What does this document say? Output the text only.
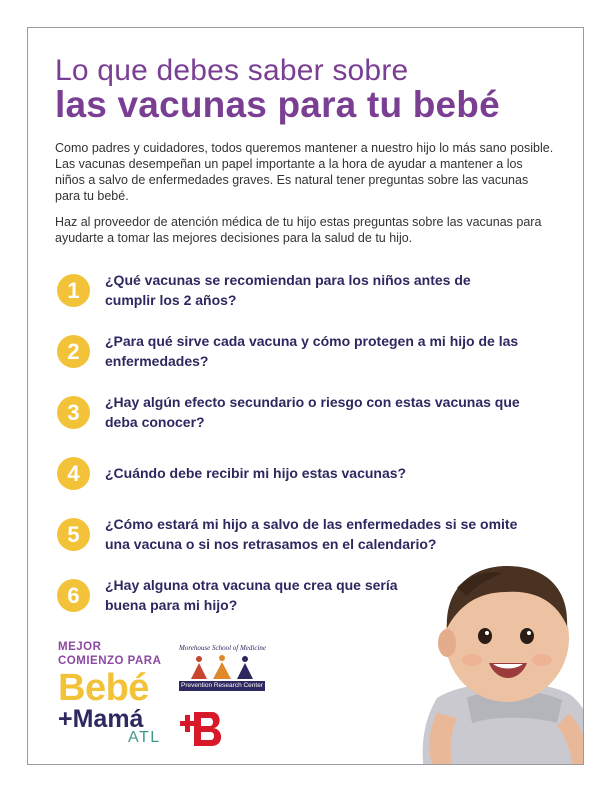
Lo que debes saber sobre
las vacunas para tu bebé

Como padres y cuidadores, todos queremos mantener a nuestro hijo lo más sano posible. Las vacunas desempeñan un papel importante a la hora de ayudar a mantener a los niños a salvo de enfermedades graves. Es natural tener preguntas sobre las vacunas para tu bebé.

Haz al proveedor de atención médica de tu hijo estas preguntas sobre las vacunas para ayudarte a tomar las mejores decisiones para la salud de tu hijo.

1	¿Qué vacunas se recomiendan para los niños antes de cumplir los 2 años?
2	¿Para qué sirve cada vacuna y cómo protegen a mi hijo de las enfermedades?
3	¿Hay algún efecto secundario o riesgo con estas vacunas que deba conocer?
4	¿Cuándo debe recibir mi hijo estas vacunas?
5	¿Cómo estará mi hijo a salvo de las enfermedades si se omite una vacuna o si nos retrasamos en el calendario?
6	¿Hay alguna otra vacuna que crea que sería buena para mi hijo?
MEJOR
COMIENZO PARA
Bebé
+Mamá
ATL
Morehouse School of Medicine
Prevention Research Center
